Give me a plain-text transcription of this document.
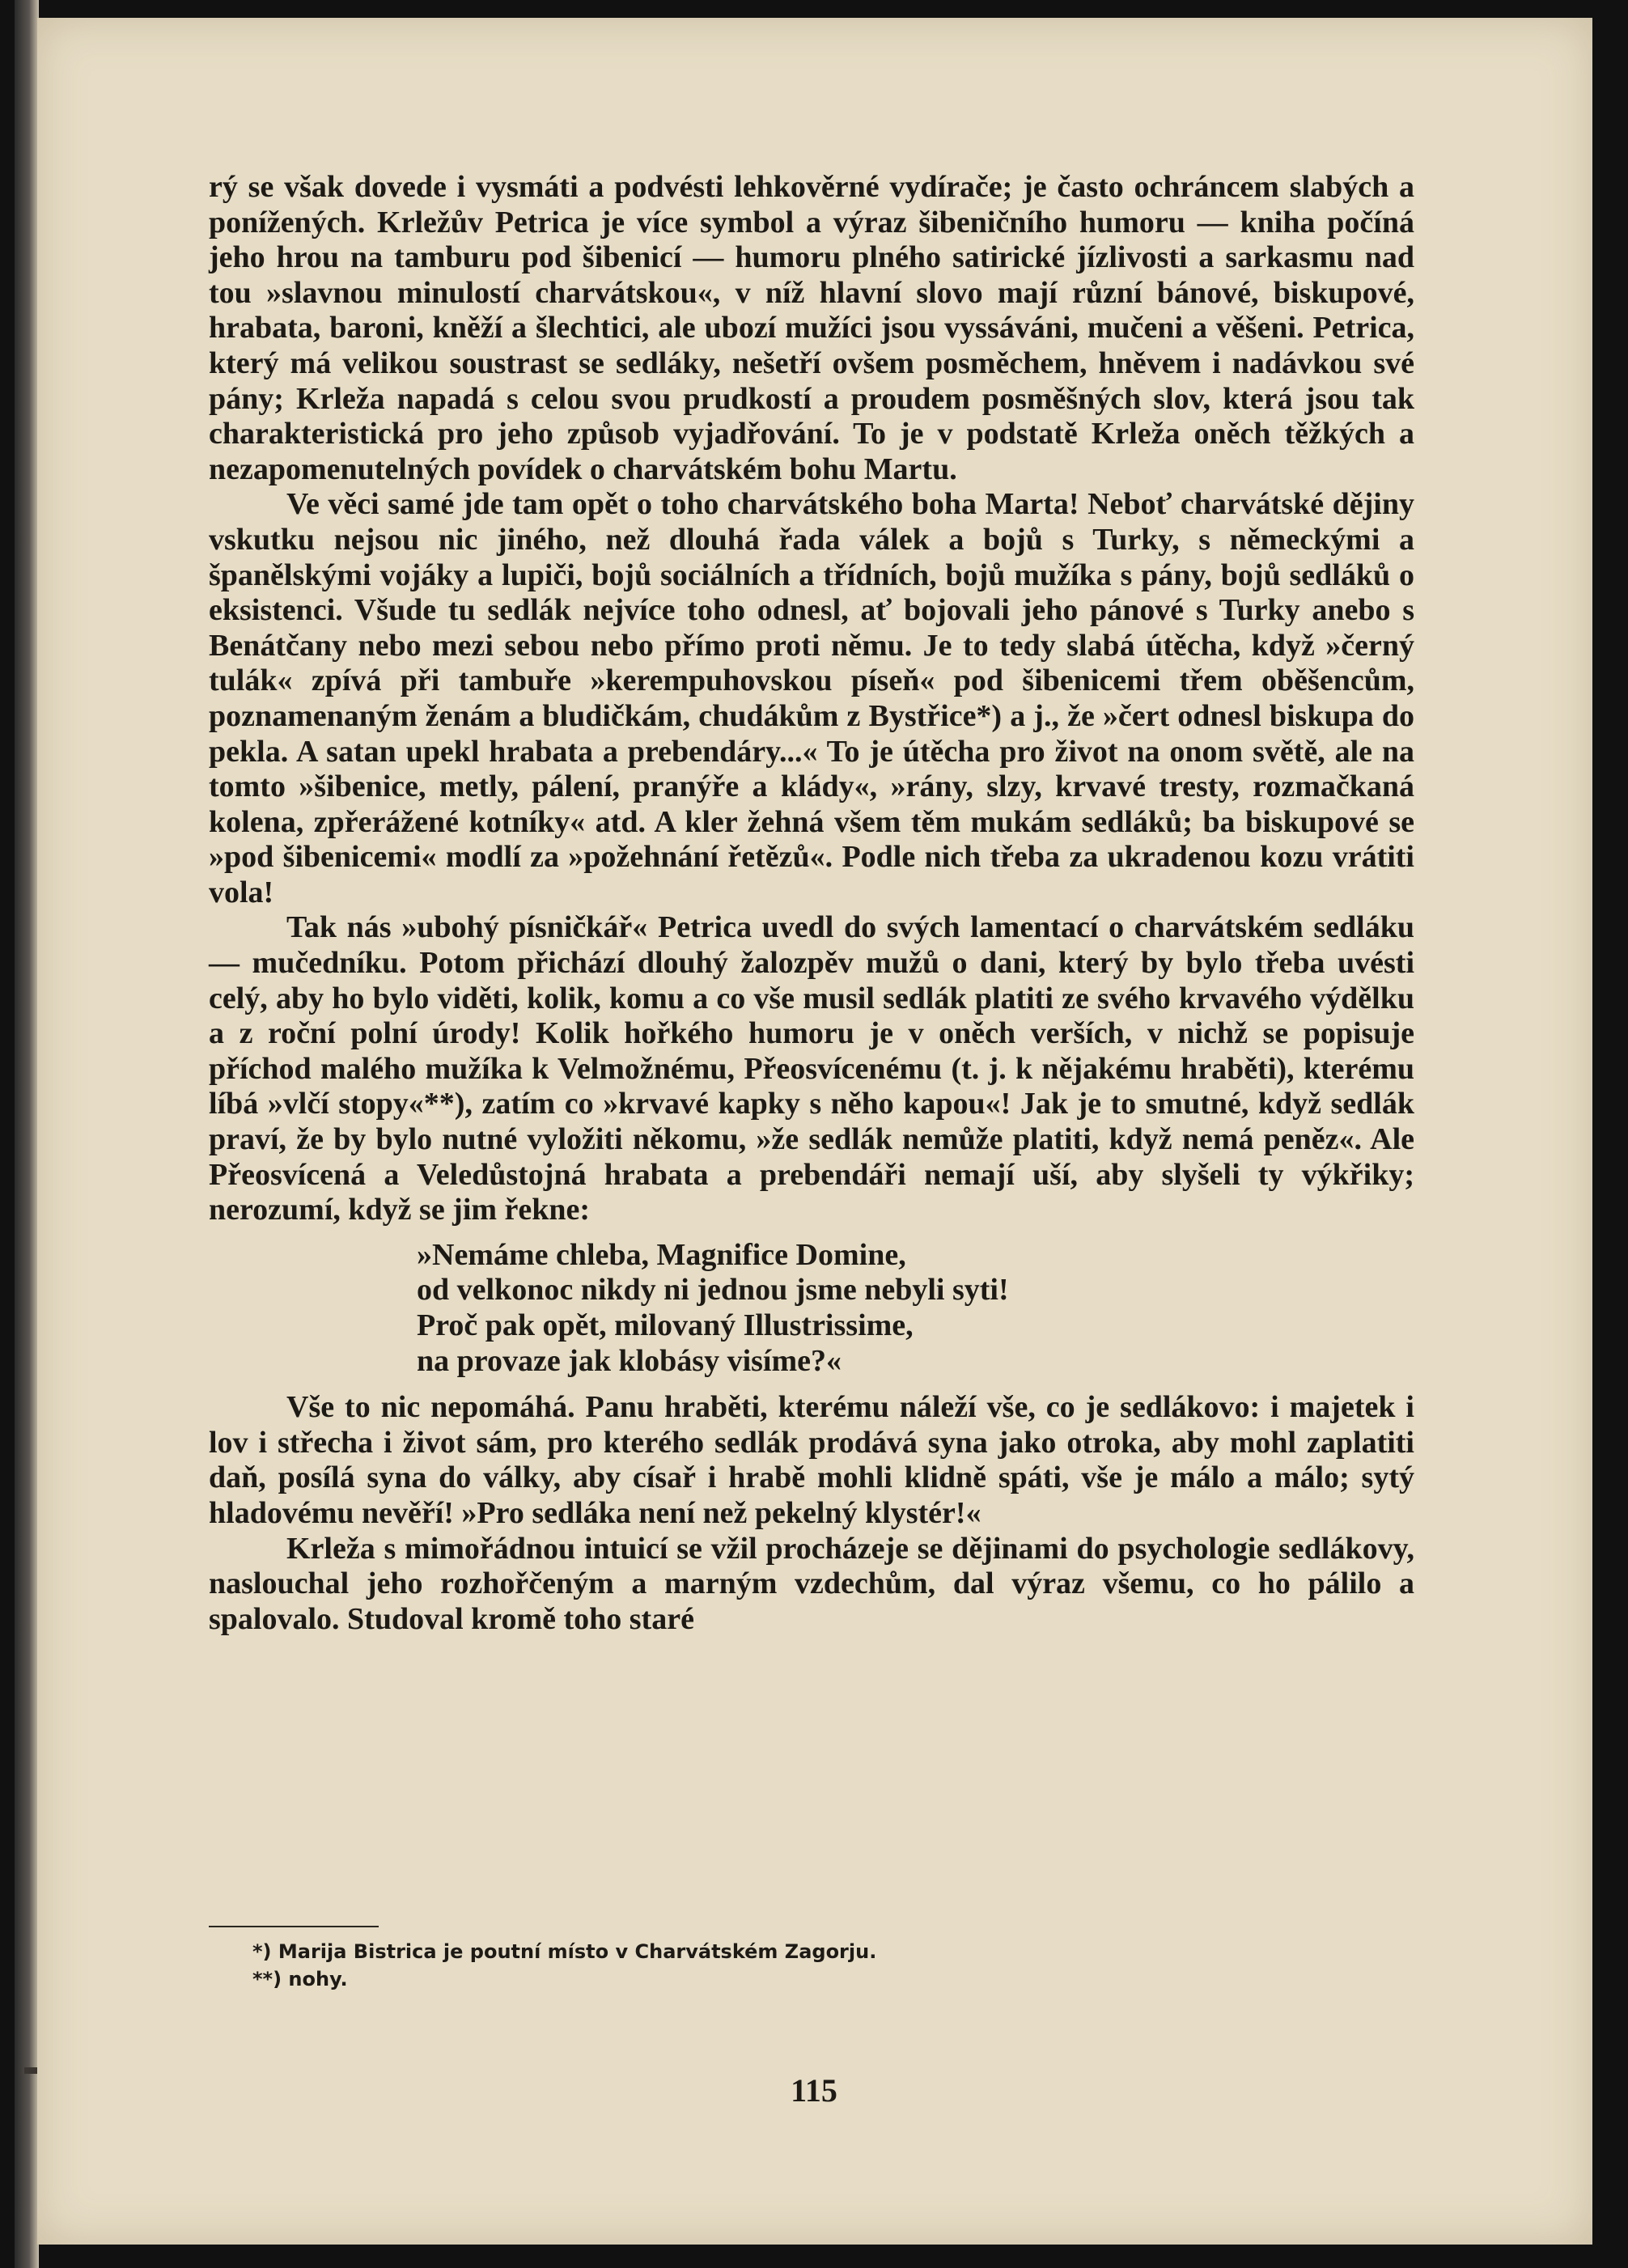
rý se však dovede i vysmáti a podvésti lehkověrné vydírače; je často ochráncem slabých a ponížených. Krležův Petrica je více symbol a výraz šibeničního humoru — kniha počíná jeho hrou na tamburu pod šibenicí — humoru plného satirické jízlivosti a sarkasmu nad tou »slavnou minulostí charvátskou«, v níž hlavní slovo mají různí bánové, biskupové, hrabata, baroni, kněží a šlechtici, ale ubozí mužíci jsou vyssáváni, mučeni a věšeni. Petrica, který má velikou soustrast se sedláky, nešetří ovšem posměchem, hněvem i nadávkou své pány; Krleža napadá s celou svou prudkostí a proudem posměšných slov, která jsou tak charakteristická pro jeho způsob vyjadřování. To je v podstatě Krleža oněch těžkých a nezapomenutelných povídek o charvátském bohu Martu.

Ve věci samé jde tam opět o toho charvátského boha Marta! Neboť charvátské dějiny vskutku nejsou nic jiného, než dlouhá řada válek a bojů s Turky, s německými a španělskými vojáky a lupiči, bojů sociálních a třídních, bojů mužíka s pány, bojů sedláků o eksistenci. Všude tu sedlák nejvíce toho odnesl, ať bojovali jeho pánové s Turky anebo s Benátčany nebo mezi sebou nebo přímo proti němu. Je to tedy slabá útěcha, když »černý tulák« zpívá při tambuře »kerempuhovskou píseň« pod šibenicemi třem oběšencům, poznamenaným ženám a bludičkám, chudákům z Bystřice*) a j., že »čert odnesl biskupa do pekla. A satan upekl hrabata a prebendáry...« To je útěcha pro život na onom světě, ale na tomto »šibenice, metly, pálení, pranýře a klády«, »rány, slzy, krvavé tresty, rozmačkaná kolena, zpřerážené kotníky« atd. A kler žehná všem těm mukám sedláků; ba biskupové se »pod šibenicemi« modlí za »požehnání řetězů«. Podle nich třeba za ukradenou kozu vrátiti vola!

Tak nás »ubohý písničkář« Petrica uvedl do svých lamentací o charvátském sedláku — mučedníku. Potom přichází dlouhý žalozpěv mužů o dani, který by bylo třeba uvésti celý, aby ho bylo viděti, kolik, komu a co vše musil sedlák platiti ze svého krvavého výdělku a z roční polní úrody! Kolik hořkého humoru je v oněch verších, v nichž se popisuje příchod malého mužíka k Velmožnému, Přeosvícenému (t. j. k nějakému hraběti), kterému líbá »vlčí stopy«**), zatím co »krvavé kapky s něho kapou«! Jak je to smutné, když sedlák praví, že by bylo nutné vyložiti někomu, »že sedlák nemůže platiti, když nemá peněz«. Ale Přeosvícená a Veledůstojná hrabata a prebendáři nemají uší, aby slyšeli ty výkřiky; nerozumí, když se jim řekne:

»Nemáme chleba, Magnifice Domine,
od velkonoc nikdy ni jednou jsme nebyli syti!
Proč pak opět, milovaný Illustrissime,
na provaze jak klobásy visíme?«

Vše to nic nepomáhá. Panu hraběti, kterému náleží vše, co je sedlákovo: i majetek i lov i střecha i život sám, pro kterého sedlák prodává syna jako otroka, aby mohl zaplatiti daň, posílá syna do války, aby císař i hrabě mohli klidně spáti, vše je málo a málo; sytý hladovému nevěří! »Pro sedláka není než pekelný klystér!«

Krleža s mimořádnou intuicí se vžil procházeje se dějinami do psychologie sedlákovy, naslouchal jeho rozhořčeným a marným vzdechům, dal výraz všemu, co ho pálilo a spalovalo. Studoval kromě toho staré

*) Marija Bistrica je poutní místo v Charvátském Zagorju.
**) nohy.
115
